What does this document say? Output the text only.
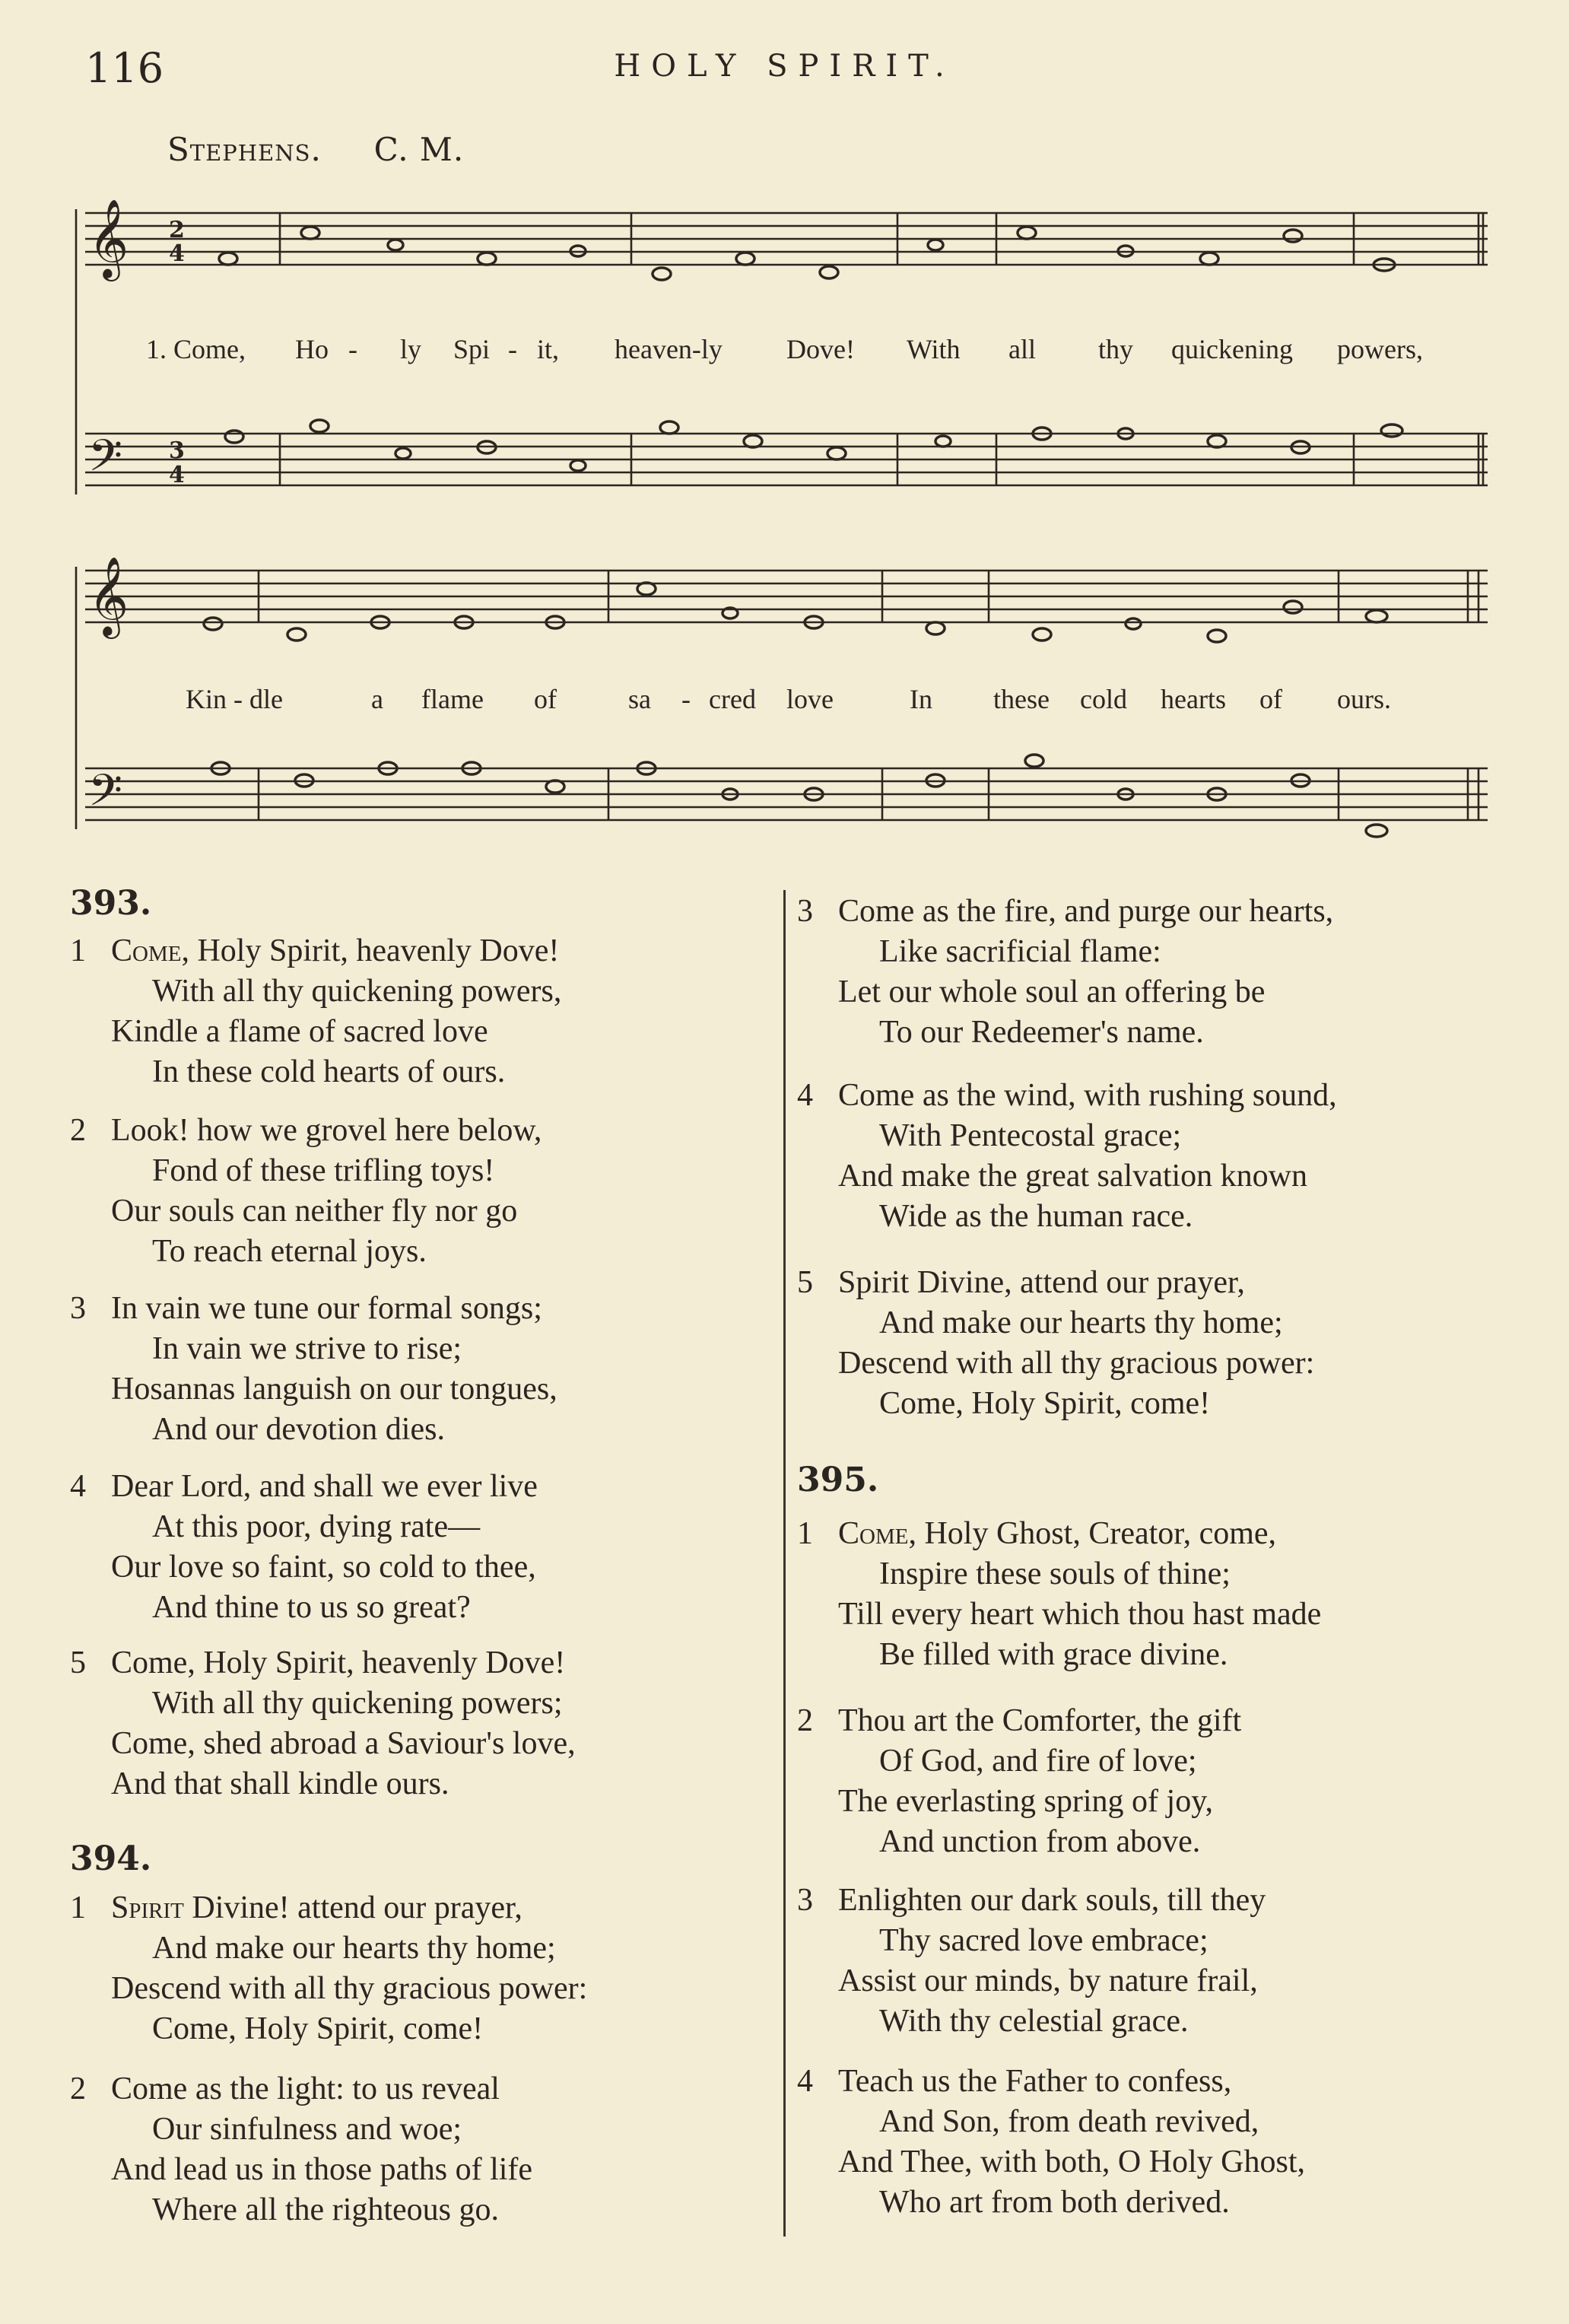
116	HOLY SPIRIT.
Stephens. C. M.
𝄞 2
4
𝄢 3
4
𝄞
𝄢
1. Come, Ho - ly Spi - it, heaven-ly Dove! With all thy quickening powers,
Kin - dle	a flame of	sa - cred love	In these cold hearts of ours.
393.
1 Come, Holy Spirit, heavenly Dove!
With all thy quickening powers,
Kindle a flame of sacred love
In these cold hearts of ours.
2 Look! how we grovel here below,
Fond of these trifling toys!
Our souls can neither fly nor go
To reach eternal joys.
3 In vain we tune our formal songs;
In vain we strive to rise;
Hosannas languish on our tongues,
And our devotion dies.
4 Dear Lord, and shall we ever live
At this poor, dying rate—
Our love so faint, so cold to thee,
And thine to us so great?
5 Come, Holy Spirit, heavenly Dove!
With all thy quickening powers;
Come, shed abroad a Saviour's love,
And that shall kindle ours.
394.
1 Spirit Divine! attend our prayer,
And make our hearts thy home;
Descend with all thy gracious power:
Come, Holy Spirit, come!
2 Come as the light: to us reveal
Our sinfulness and woe;
And lead us in those paths of life
Where all the righteous go.
3 Come as the fire, and purge our hearts,
Like sacrificial flame:
Let our whole soul an offering be
To our Redeemer's name.
4 Come as the wind, with rushing sound,
With Pentecostal grace;
And make the great salvation known
Wide as the human race.
5 Spirit Divine, attend our prayer,
And make our hearts thy home;
Descend with all thy gracious power:
Come, Holy Spirit, come!
395.
1 Come, Holy Ghost, Creator, come,
Inspire these souls of thine;
Till every heart which thou hast made
Be filled with grace divine.
2 Thou art the Comforter, the gift
Of God, and fire of love;
The everlasting spring of joy,
And unction from above.
3 Enlighten our dark souls, till they
Thy sacred love embrace;
Assist our minds, by nature frail,
With thy celestial grace.
4 Teach us the Father to confess,
And Son, from death revived,
And Thee, with both, O Holy Ghost,
Who art from both derived.
